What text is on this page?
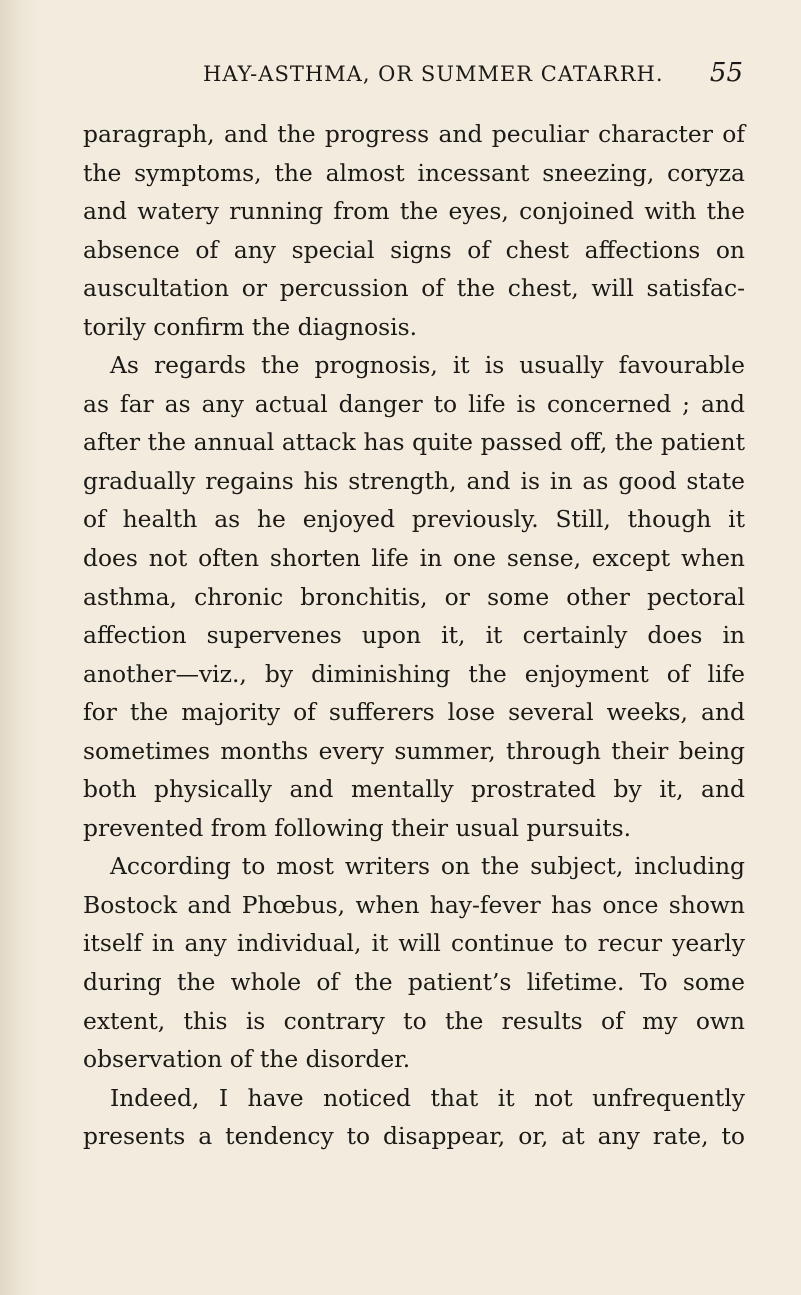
HAY-ASTHMA, OR SUMMER CATARRH. 55

paragraph, and the progress and peculiar character of

the symptoms, the almost incessant sneezing, coryza

and watery running from the eyes, conjoined with the

absence of any special signs of chest affections on

auscultation or percussion of the chest, will satisfac-

torily confirm the diagnosis.

As regards the prognosis, it is usually favourable

as far as any actual danger to life is concerned ; and

after the annual attack has quite passed off, the patient

gradually regains his strength, and is in as good state

of health as he enjoyed previously. Still, though it

does not often shorten life in one sense, except when

asthma, chronic bronchitis, or some other pectoral

affection supervenes upon it, it certainly does in

another—viz., by diminishing the enjoyment of life

for the majority of sufferers lose several weeks, and

sometimes months every summer, through their being

both physically and mentally prostrated by it, and

prevented from following their usual pursuits.

According to most writers on the subject, including

Bostock and Phœbus, when hay-fever has once shown

itself in any individual, it will continue to recur yearly

during the whole of the patient’s lifetime. To some

extent, this is contrary to the results of my own

observation of the disorder.

Indeed, I have noticed that it not unfrequently

presents a tendency to disappear, or, at any rate, to
